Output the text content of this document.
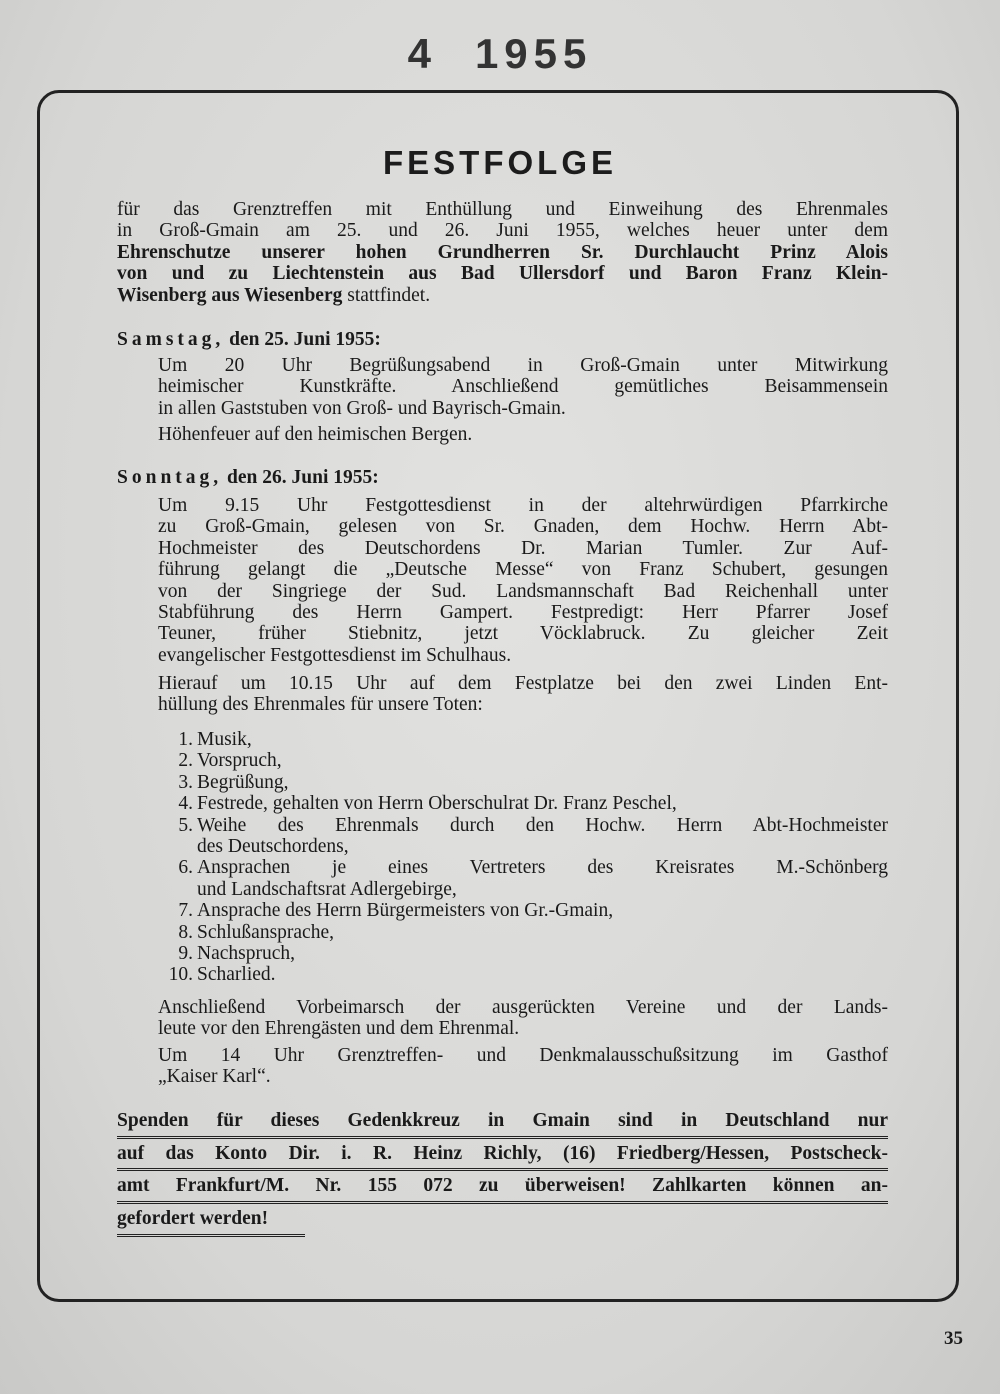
4 1955
FESTFOLGE
für das Grenztreffen mit Enthüllung und Einweihung des Ehrenmales
in Groß-Gmain am 25. und 26. Juni 1955, welches heuer unter dem
Ehrenschutze unserer hohen Grundherren Sr. Durchlaucht Prinz Alois
von und zu Liechtenstein aus Bad Ullersdorf und Baron Franz Klein-
Wisenberg aus Wiesenberg stattfindet.
Samstag, den 25. Juni 1955:
Um 20 Uhr Begrüßungsabend in Groß-Gmain unter Mitwirkung
heimischer Kunstkräfte. Anschließend gemütliches Beisammensein
in allen Gaststuben von Groß- und Bayrisch-Gmain.
Höhenfeuer auf den heimischen Bergen.
Sonntag, den 26. Juni 1955:
Um 9.15 Uhr Festgottesdienst in der altehrwürdigen Pfarrkirche
zu Groß-Gmain, gelesen von Sr. Gnaden, dem Hochw. Herrn Abt-
Hochmeister des Deutschordens Dr. Marian Tumler. Zur Auf-
führung gelangt die „Deutsche Messe“ von Franz Schubert, gesungen
von der Singriege der Sud. Landsmannschaft Bad Reichenhall unter
Stabführung des Herrn Gampert. Festpredigt: Herr Pfarrer Josef
Teuner, früher Stiebnitz, jetzt Vöcklabruck. Zu gleicher Zeit
evangelischer Festgottesdienst im Schulhaus.
Hierauf um 10.15 Uhr auf dem Festplatze bei den zwei Linden Ent-
hüllung des Ehrenmales für unsere Toten:
1. Musik,
2. Vorspruch,
3. Begrüßung,
4. Festrede, gehalten von Herrn Oberschulrat Dr. Franz Peschel,
5. Weihe des Ehrenmals durch den Hochw. Herrn Abt-Hochmeister
des Deutschordens,
6. Ansprachen je eines Vertreters des Kreisrates M.-Schönberg
und Landschaftsrat Adlergebirge,
7. Ansprache des Herrn Bürgermeisters von Gr.-Gmain,
8. Schlußansprache,
9. Nachspruch,
10. Scharlied.
Anschließend Vorbeimarsch der ausgerückten Vereine und der Lands-
leute vor den Ehrengästen und dem Ehrenmal.
Um 14 Uhr Grenztreffen- und Denkmalausschußsitzung im Gasthof
„Kaiser Karl“.
Spenden für dieses Gedenkkreuz in Gmain sind in Deutschland nur
auf das Konto Dir. i. R. Heinz Richly, (16) Friedberg/Hessen, Postscheck-
amt Frankfurt/M. Nr. 155 072 zu überweisen! Zahlkarten können an-
gefordert werden!
35
